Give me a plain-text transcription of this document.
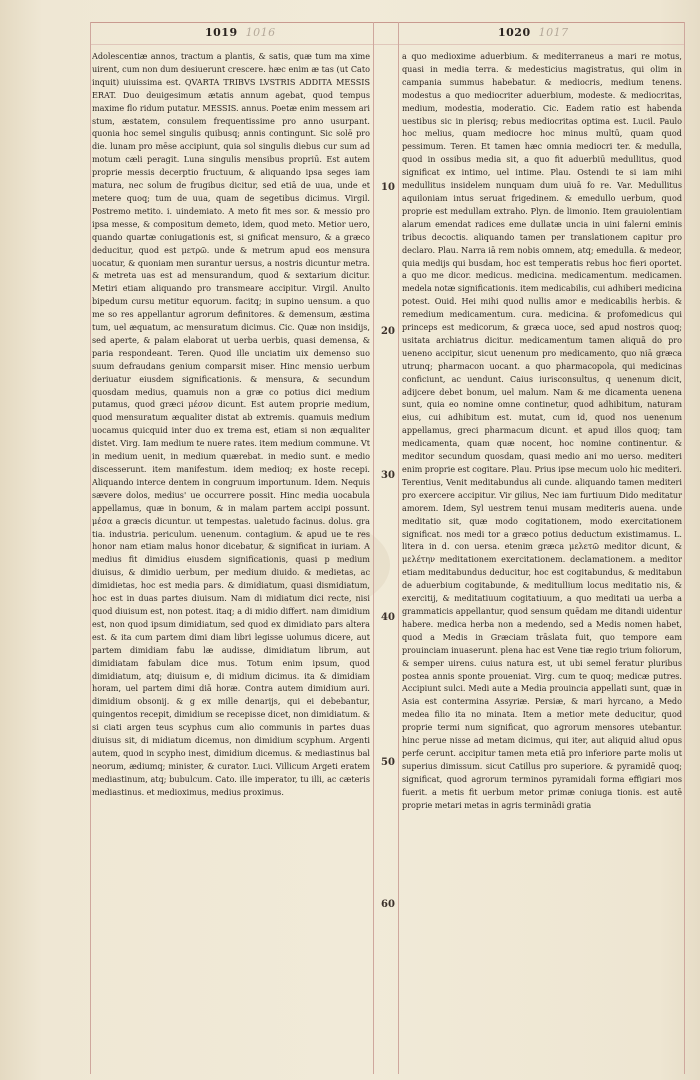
1019 1016	1020 1017

Adolescentiæ annos, tractum a plantis, & satis, quæ tum ma xime uirent, cum non dum desiuerunt crescere. hæc enim æ tas (ut Cato inquit) uiuissima est. QVARTA TRIBVS LVSTRIS ADDITA MESSIS ERAT. Duo deuigesimum ætatis annum agebat, quod tempus maxime flo ridum putatur. MESSIS. annus. Poetæ enim messem ari stum, æstatem, consulem frequentissime pro anno usurpant. quonia hoc semel singulis quibusq; annis contingunt. Sic solē pro die. lunam pro mēse accipiunt, quia sol singulis diebus cur sum ad motum cæli peragit. Luna singulis mensibus propriū. Est autem proprie messis decerptio fructuum, & aliquando ipsa seges iam matura, nec solum de frugibus dicitur, sed etiā de uua, unde et metere quoq; tum de uua, quam de segetibus dicimus. Virgil. Postremo metito. i. uindemiato. A meto fit mes sor. & messio pro ipsa messe, & compositum demeto, idem, quod meto. Metior uero, quando quartæ coniugationis est, si gnificat mensuro, & a græco deducitur, quod est μετρῶ. unde & metrum apud eos mensura uocatur, & quoniam men surantur uersus, a nostris dicuntur metra. & metreta uas est ad mensurandum, quod & sextarium dicitur. Metiri etiam aliquando pro transmeare accipitur. Virgil. Anulto bipedum cursu metitur equorum. facitq; in supino uensum. a quo me so res appellantur agrorum definitores. & demensum, æstima tum, uel æquatum, ac mensuratum dicimus. Cic. Quæ non insidijs, sed aperte, & palam elaborat ut uerba uerbis, quasi demensa, & paria respondeant. Teren. Quod ille unciatim uix demenso suo suum defraudans genium comparsit miser. Hinc mensio uerbum deriuatur eiusdem significationis. & mensura, & secundum quosdam medius, quamuis non a græ co potius dici medium putamus, quod græci μέσον dicunt. Est autem proprie medium, quod mensuratum æqualiter distat ab extremis. quamuis medium uocamus quicquid inter duo ex trema est, etiam si non æqualiter distet. Virg. Iam medium te nuere rates. item medium commune. Vt in medium uenit, in medium quærebat. in medio sunt. e medio discesserunt. item manifestum. idem medioq; ex hoste recepi. Aliquando interce dentem in congruum importunum. Idem. Nequis sævere dolos, medius' ue occurrere possit. Hinc media uocabula appellamus, quæ in bonum, & in malam partem accipi possunt. μέσα a græcis dicuntur. ut tempestas. ualetudo facinus. dolus. gra tia. industria. periculum. uenenum. contagium. & apud ue te res honor nam etiam malus honor dicebatur, & significat in iuriam. A medius fit dimidius eiusdem significationis, quasi p medium diuisus, & dimidio uerbum, per medium diuido. & medietas, ac dimidietas, hoc est media pars. & dimidiatum, quasi dismidiatum, hoc est in duas partes diuisum. Nam di midiatum dici recte, nisi quod diuisum est, non potest. itaq; a di midio differt. nam dimidium est, non quod ipsum dimidiatum, sed quod ex dimidiato pars altera est. & ita cum partem dimi diam libri legisse uolumus dicere, aut partem dimidiam fabu læ audisse, dimidiatum librum, aut dimidiatam fabulam dice mus. Totum enim ipsum, quod dimidiatum, atq; diuisum e, di midium dicimus. ita & dimidiam horam, uel partem dimi diā horæ. Contra autem dimidium auri. dimidium obsonij. & g ex mille denarijs, qui ei debebantur, quingentos recepit, dimidium se recepisse dicet, non dimidiatum. & si ciati argen teus scyphus cum alio communis in partes duas diuisus sit, di midiatum dicemus, non dimidium scyphum. Argenti autem, quod in scypho inest, dimidium dicemus. & mediastinus bal neorum, ædiumq; minister, & curator. Luci. Villicum Argeti eratem mediastinum, atq; bubulcum. Cato. ille imperator, tu illi, ac cæteris mediastinus. et medioximus, medius proximus.

10
20
30
40
50
60

a quo medioxime aduerbium. & mediterraneus a mari re motus, quasi in media terra. & medesticius magistratus, qui olim in campania summus habebatur. & mediocris, medium tenens. modestus a quo mediocriter aduerbium, modeste. & mediocritas, medium, modestia, moderatio. Cic. Eadem ratio est habenda uestibus sic in plerisq; rebus mediocritas optima est. Lucil. Paulo hoc melius, quam mediocre hoc minus multū, quam quod pessimum. Teren. Et tamen hæc omnia mediocri ter. & medulla, quod in ossibus media sit, a quo fit aduerbiū medullitus, quod significat ex intimo, uel intime. Plau. Ostendi te si iam mihi medullitus insidelem nunquam dum uiuā fo re. Var. Medullitus aquiloniam intus seruat frigedinem. & emedullo uerbum, quod proprie est medullam extraho. Plyn. de limonio. Item grauiolentiam alarum emendat radices eme dullatæ uncia in uini falerni eminis tribus decoctis. aliquando tamen per translationem capitur pro declaro. Plau. Narra iā rem nobis omnem, atq; emedulla. & medeor, quia medijs qui busdam, hoc est temperatis rebus hoc fieri oportet. a quo me dicor. medicus. medicina. medicamentum. medicamen. medela notæ significationis. item medicabilis, cui adhiberi medicina potest. Ouid. Hei mihi quod nullis amor e medicabilis herbis. & remedium medicamentum. cura. medicina. & profomedicus qui princeps est medicorum, & græca uoce, sed apud nostros quoq; usitata archiatrus dicitur. medicamentum tamen aliquā do pro ueneno accipitur, sicut uenenum pro medicamento, quo niā græca utrunq; pharmacon uocant. a quo pharmacopola, qui medicinas conficiunt, ac uendunt. Caius iurisconsultus, q uenenum dicit, adijcere debet bonum, uel malum. Nam & me dicamenta uenena sunt, quia eo nomine omne continetur, quod adhibitum, naturam eius, cui adhibitum est. mutat, cum id, quod nos uenenum appellamus, greci pharmacum dicunt. et apud illos quoq; tam medicamenta, quam quæ nocent, hoc nomine continentur. & meditor secundum quosdam, quasi medio ani mo uerso. mediteri enim proprie est cogitare. Plau. Prius ipse mecum uolo hic mediteri. Terentius, Venit meditabundus ali cunde. aliquando tamen mediteri pro exercere accipitur. Vir gilius, Nec iam furtiuum Dido meditatur amorem. Idem, Syl uestrem tenui musam mediteris auena. unde meditatio sit, quæ modo cogitationem, modo exercitationem significat. nos medi tor a græco potius deductum existimamus. L. litera in d. con uersa. etenim græca μελετῶ meditor dicunt, & μελέτην meditationem exercitationem. declamationem. a meditor etiam meditabundus deducitur, hoc est cogitabundus, & meditabun de aduerbium cogitabunde, & meditullium locus meditatio nis, & exercitij, & meditatiuum cogitatiuum, a quo meditati ua uerba a grammaticis appellantur, quod sensum quēdam me ditandi uidentur habere. medica herba non a medendo, sed a Medis nomen habet, quod a Medis in Græciam trāslata fuit, quo tempore eam prouinciam inuaserunt. plena hac est Vene tiæ regio trium foliorum, & semper uirens. cuius natura est, ut ubi semel feratur pluribus postea annis sponte proueniat. Virg. cum te quoq; medicæ putres. Accipiunt sulci. Medi aute a Media prouincia appellati sunt, quæ in Asia est contermina Assyriæ. Persiæ, & mari hyrcano, a Medo medea filio ita no minata. Item a metior mete deducitur, quod proprie termi num significat, quo agrorum mensores utebantur. hinc perue nisse ad metam dicimus, qui iter, aut aliquid aliud opus perfe cerunt. accipitur tamen meta etiā pro inferiore parte molis ut superius dimissum. sicut Catillus pro superiore. & pyramidē quoq; significat, quod agrorum terminos pyramidali forma effigiari mos fuerit. a metis fit uerbum metor primæ coniuga tionis. est autē proprie metari metas in agris terminādi gratia
